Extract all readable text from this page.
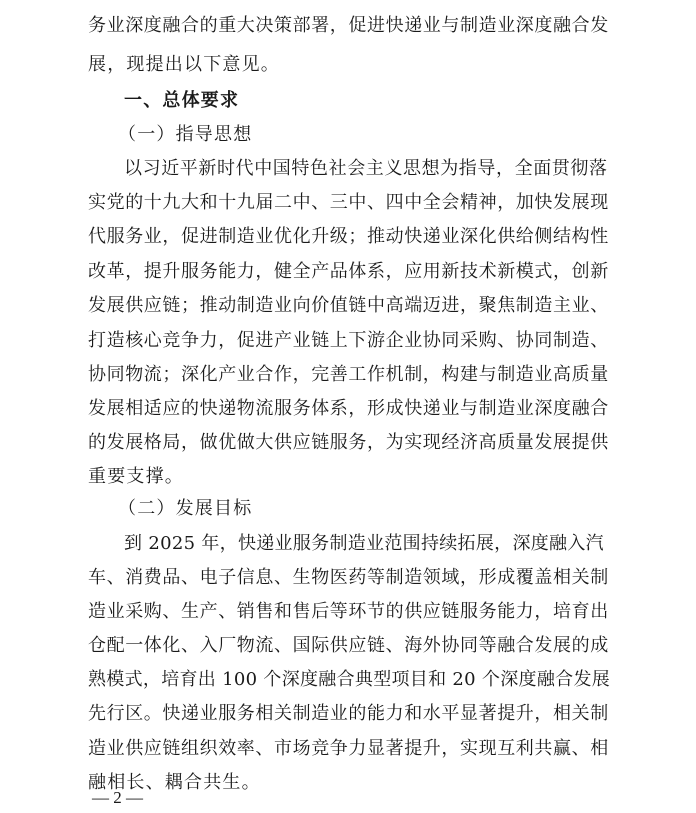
务业深度融合的重大决策部署，促进快递业与制造业深度融合发
展，现提出以下意见。
一、总体要求
（一）指导思想
以习近平新时代中国特色社会主义思想为指导，全面贯彻落
实党的十九大和十九届二中、三中、四中全会精神，加快发展现
代服务业，促进制造业优化升级；推动快递业深化供给侧结构性
改革，提升服务能力，健全产品体系，应用新技术新模式，创新
发展供应链；推动制造业向价值链中高端迈进，聚焦制造主业、
打造核心竞争力，促进产业链上下游企业协同采购、协同制造、
协同物流；深化产业合作，完善工作机制，构建与制造业高质量
发展相适应的快递物流服务体系，形成快递业与制造业深度融合
的发展格局，做优做大供应链服务，为实现经济高质量发展提供
重要支撑。
（二）发展目标
到 2025 年，快递业服务制造业范围持续拓展，深度融入汽
车、消费品、电子信息、生物医药等制造领域，形成覆盖相关制
造业采购、生产、销售和售后等环节的供应链服务能力，培育出
仓配一体化、入厂物流、国际供应链、海外协同等融合发展的成
熟模式，培育出 100 个深度融合典型项目和 20 个深度融合发展
先行区。快递业服务相关制造业的能力和水平显著提升，相关制
造业供应链组织效率、市场竞争力显著提升，实现互利共赢、相
融相长、耦合共生。
— 2 —
